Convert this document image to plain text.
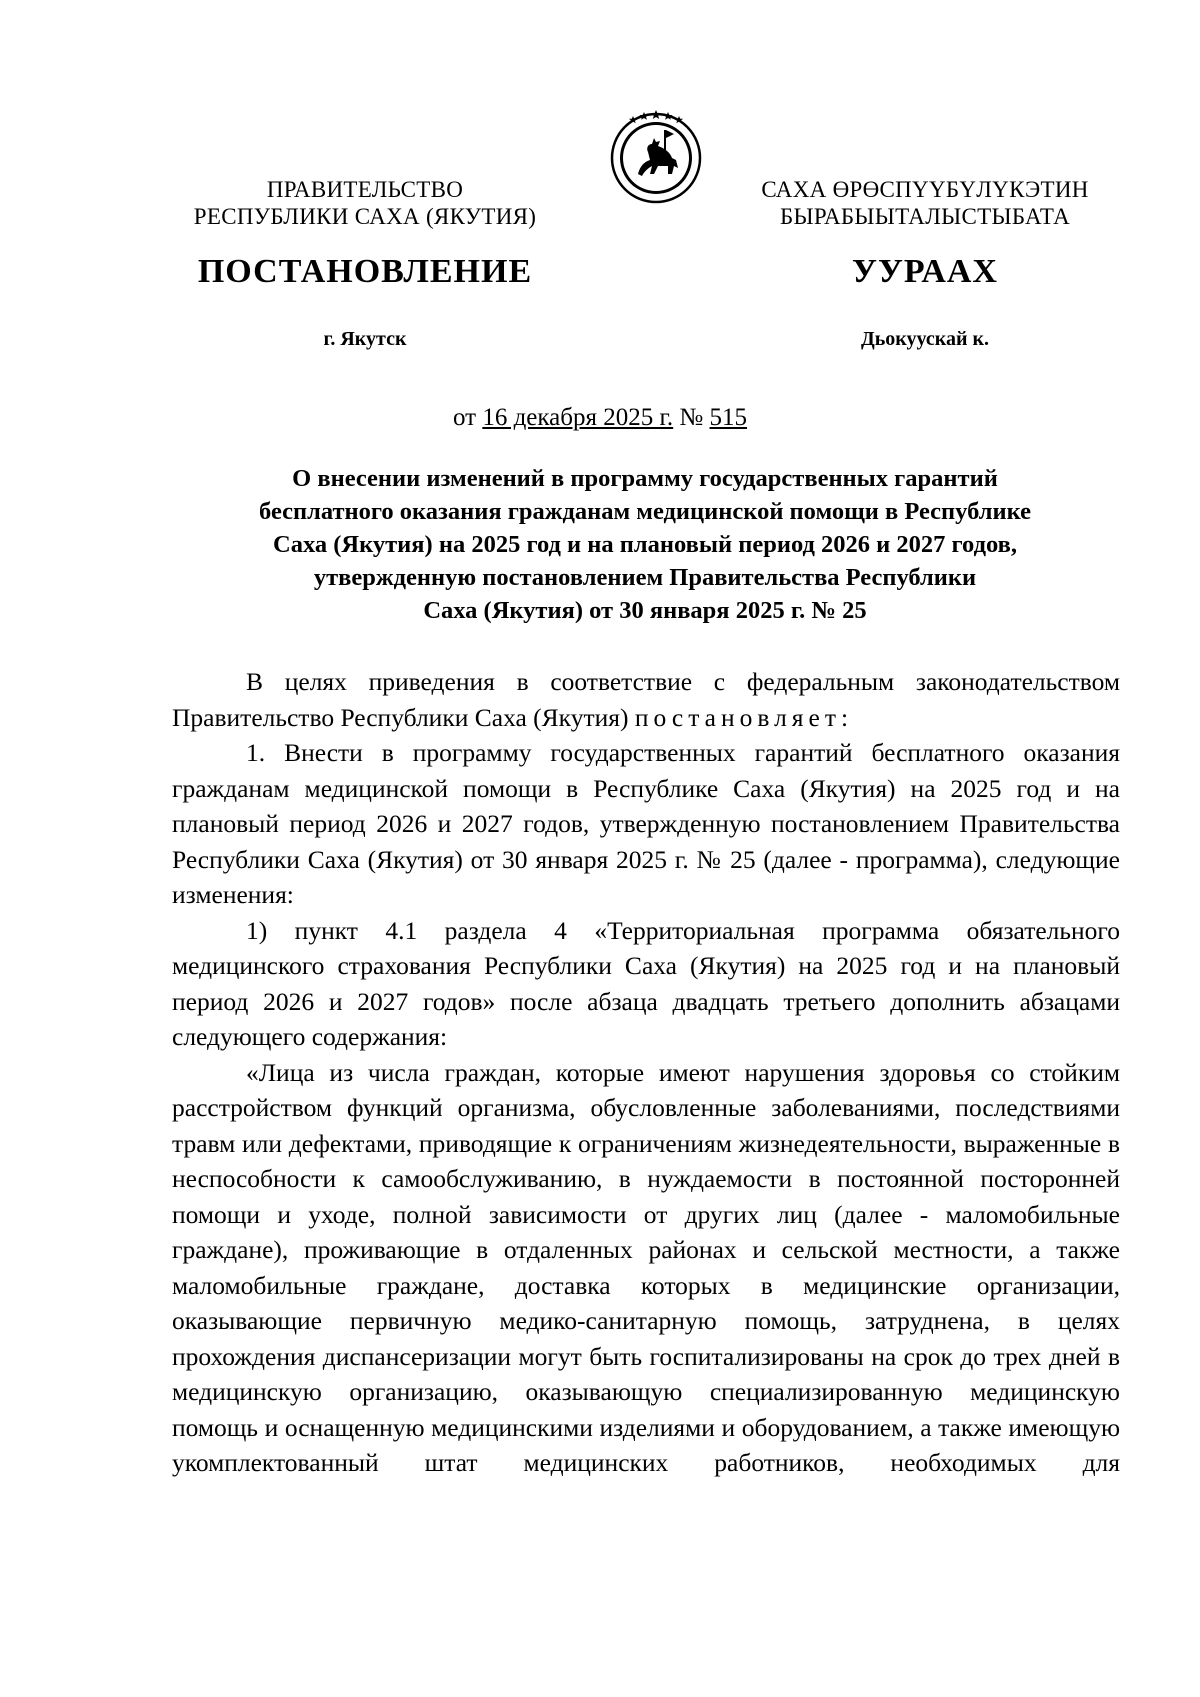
ПРАВИТЕЛЬСТВО
РЕСПУБЛИКИ САХА (ЯКУТИЯ)
САХА ӨРӨСПҮҮБҮЛҮКЭТИН
БЫРАБЫЫТАЛЫСТЫБАТА
ПОСТАНОВЛЕНИЕ	УУРААХ
г. Якутск	Дьокуускай к.
от 16 декабря 2025 г. № 515
О внесении изменений в программу государственных гарантий
бесплатного оказания гражданам медицинской помощи в Республике
Саха (Якутия) на 2025 год и на плановый период 2026 и 2027 годов,
утвержденную постановлением Правительства Республики
Саха (Якутия) от 30 января 2025 г. № 25

В целях приведения в соответствие с федеральным законодательством Правительство Республики Саха (Якутия) постановляет:

1. Внести в программу государственных гарантий бесплатного оказания гражданам медицинской помощи в Республике Саха (Якутия) на 2025 год и на плановый период 2026 и 2027 годов, утвержденную постановлением Правительства Республики Саха (Якутия) от 30 января 2025 г. № 25 (далее - программа), следующие изменения:

1) пункт 4.1 раздела 4 «Территориальная программа обязательного медицинского страхования Республики Саха (Якутия) на 2025 год и на плановый период 2026 и 2027 годов» после абзаца двадцать третьего дополнить абзацами следующего содержания:

«Лица из числа граждан, которые имеют нарушения здоровья со стойким расстройством функций организма, обусловленные заболеваниями, последствиями травм или дефектами, приводящие к ограничениям жизнедеятельности, выраженные в неспособности к самообслуживанию, в нуждаемости в постоянной посторонней помощи и уходе, полной зависимости от других лиц (далее - маломобильные граждане), проживающие в отдаленных районах и сельской местности, а также маломобильные граждане, доставка которых в медицинские организации, оказывающие первичную медико-санитарную помощь, затруднена, в целях прохождения диспансеризации могут быть госпитализированы на срок до трех дней в медицинскую организацию, оказывающую специализированную медицинскую помощь и оснащенную медицинскими изделиями и оборудованием, а также имеющую укомплектованный штат медицинских работников, необходимых для
